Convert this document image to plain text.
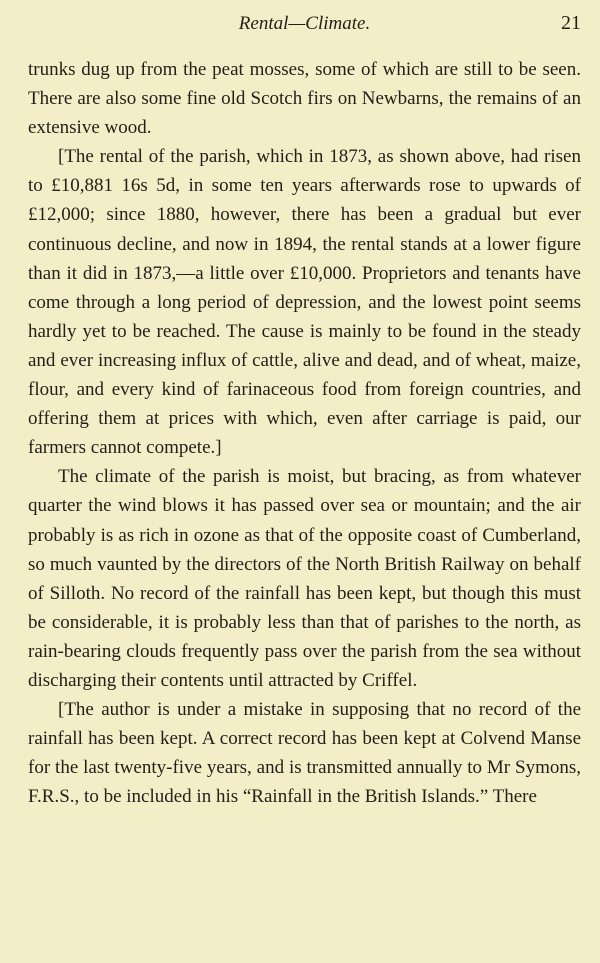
Rental—Climate.	21

trunks dug up from the peat mosses, some of which are still to be seen. There are also some fine old Scotch firs on Newbarns, the remains of an extensive wood.

[The rental of the parish, which in 1873, as shown above, had risen to £10,881 16s 5d, in some ten years afterwards rose to upwards of £12,000; since 1880, however, there has been a gradual but ever continuous decline, and now in 1894, the rental stands at a lower figure than it did in 1873,—a little over £10,000. Proprietors and tenants have come through a long period of depression, and the lowest point seems hardly yet to be reached. The cause is mainly to be found in the steady and ever increasing influx of cattle, alive and dead, and of wheat, maize, flour, and every kind of farinaceous food from foreign countries, and offering them at prices with which, even after carriage is paid, our farmers cannot compete.]

The climate of the parish is moist, but bracing, as from whatever quarter the wind blows it has passed over sea or mountain; and the air probably is as rich in ozone as that of the opposite coast of Cumberland, so much vaunted by the directors of the North British Railway on behalf of Silloth. No record of the rainfall has been kept, but though this must be considerable, it is probably less than that of parishes to the north, as rain-bearing clouds frequently pass over the parish from the sea without discharging their contents until attracted by Criffel.

[The author is under a mistake in supposing that no record of the rainfall has been kept. A correct record has been kept at Colvend Manse for the last twenty-five years, and is transmitted annually to Mr Symons, F.R.S., to be included in his “Rainfall in the British Islands.” There
